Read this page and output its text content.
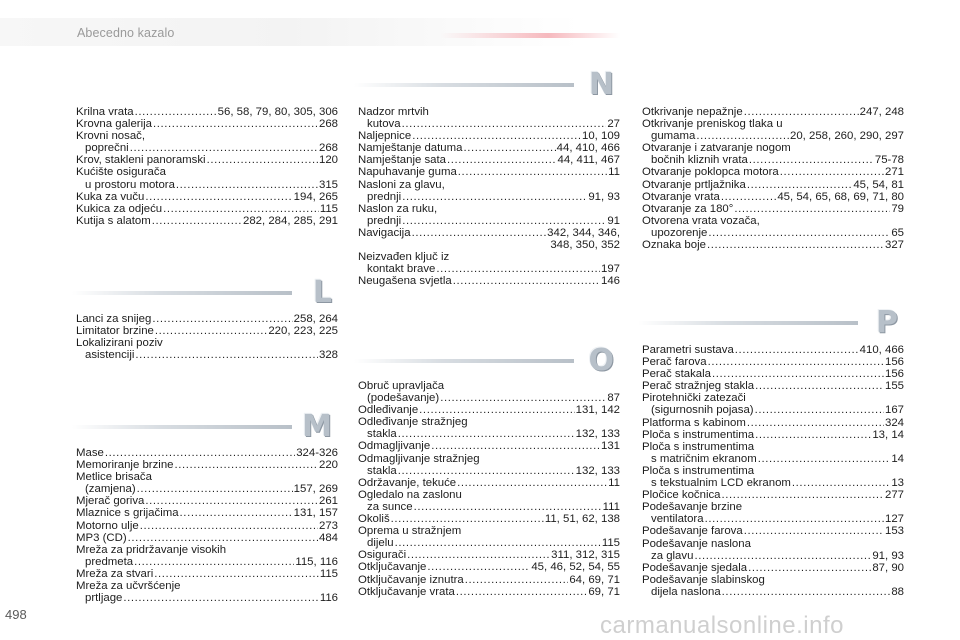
Abecedno kazalo
Krilna vrata .....	56, 58, 79, 80, 305, 306
Krovna galerija .....	268
Krovni nosač,
poprečni .....	268
Krov, stakleni panoramski .....	120
Kućište osigurača
u prostoru motora .....	315
Kuka za vuču .....	194, 265
Kukica za odjeću .....	115
Kutija s alatom .....	282, 284, 285, 291
L
Lanci za snijeg .....	258, 264
Limitator brzine .....	220, 223, 225
Lokalizirani poziv
asistenciji .....	328
M
Mase .....	324-326
Memoriranje brzine .....	220
Metlice brisača
(zamjena) .....	157, 269
Mjerač goriva .....	261
Mlaznice s grijačima .....	131, 157
Motorno ulje .....	273
MP3 (CD) .....	484
Mreža za pridržavanje visokih
predmeta .....	115, 116
Mreža za stvari .....	115
Mreža za učvršćenje
prtljage .....	116
N
Nadzor mrtvih
kutova .....	27
Naljepnice .....	10, 109
Namještanje datuma .....	44, 410, 466
Namještanje sata .....	44, 411, 467
Napuhavanje guma .....	11
Nasloni za glavu,
prednji .....	91, 93
Naslon za ruku,
prednji .....	91
Navigacija .....	342, 344, 346,
348, 350, 352
Neizvađen ključ iz
kontakt brave .....	197
Neugašena svjetla .....	146
O
Obruč upravljača
(podešavanje) .....	87
Odleđivanje .....	131, 142
Odleđivanje stražnjeg
stakla .....	132, 133
Odmagljivanje .....	131
Odmagljivanje stražnjeg
stakla .....	132, 133
Održavanje, tekuće .....	11
Ogledalo na zaslonu
za sunce .....	111
Okoliš .....	11, 51, 62, 138
Oprema u stražnjem
dijelu .....	115
Osigurači .....	311, 312, 315
Otključavanje .....	45, 46, 52, 54, 55
Otključavanje iznutra .....	64, 69, 71
Otključavanje vrata .....	69, 71
Otkrivanje nepažnje .....	247, 248
Otkrivanje preniskog tlaka u
gumama .....	20, 258, 260, 290, 297
Otvaranje i zatvaranje nogom
bočnih kliznih vrata .....	75-78
Otvaranje poklopca motora .....	271
Otvaranje prtljažnika .....	45, 54, 81
Otvaranje vrata .....	45, 54, 65, 68, 69, 71, 80
Otvaranje za 180° .....	79
Otvorena vrata vozača,
upozorenje .....	65
Oznaka boje .....	327
P
Parametri sustava .....	410, 466
Perač farova .....	156
Perač stakala .....	156
Perač stražnjeg stakla .....	155
Pirotehnički zatezači
(sigurnosnih pojasa) .....	167
Platforma s kabinom .....	324
Ploča s instrumentima .....	13, 14
Ploča s instrumentima
s matričnim ekranom .....	14
Ploča s instrumentima
s tekstualnim LCD ekranom .....	13
Pločice kočnica .....	277
Podešavanje brzine
ventilatora .....	127
Podešavanje farova .....	153
Podešavanje naslona
za glavu .....	91, 93
Podešavanje sjedala .....	87, 90
Podešavanje slabinskog
dijela naslona .....	88
498	carmanualsonline.info
